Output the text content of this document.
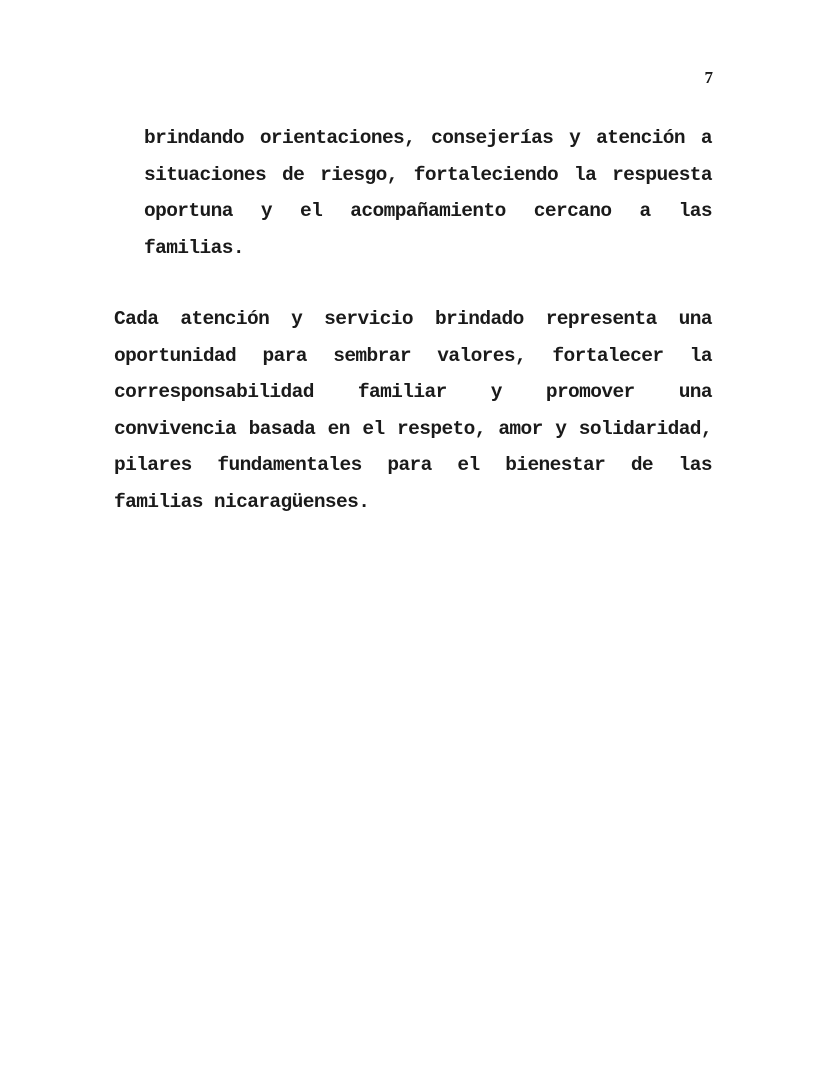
7

brindando orientaciones, consejerías y atención a situaciones de riesgo, fortaleciendo la respuesta oportuna y el acompañamiento cercano a las familias.

Cada atención y servicio brindado representa una oportunidad para sembrar valores, fortalecer la corresponsabilidad familiar y promover una convivencia basada en el respeto, amor y solidaridad, pilares fundamentales para el bienestar de las familias nicaragüenses.
